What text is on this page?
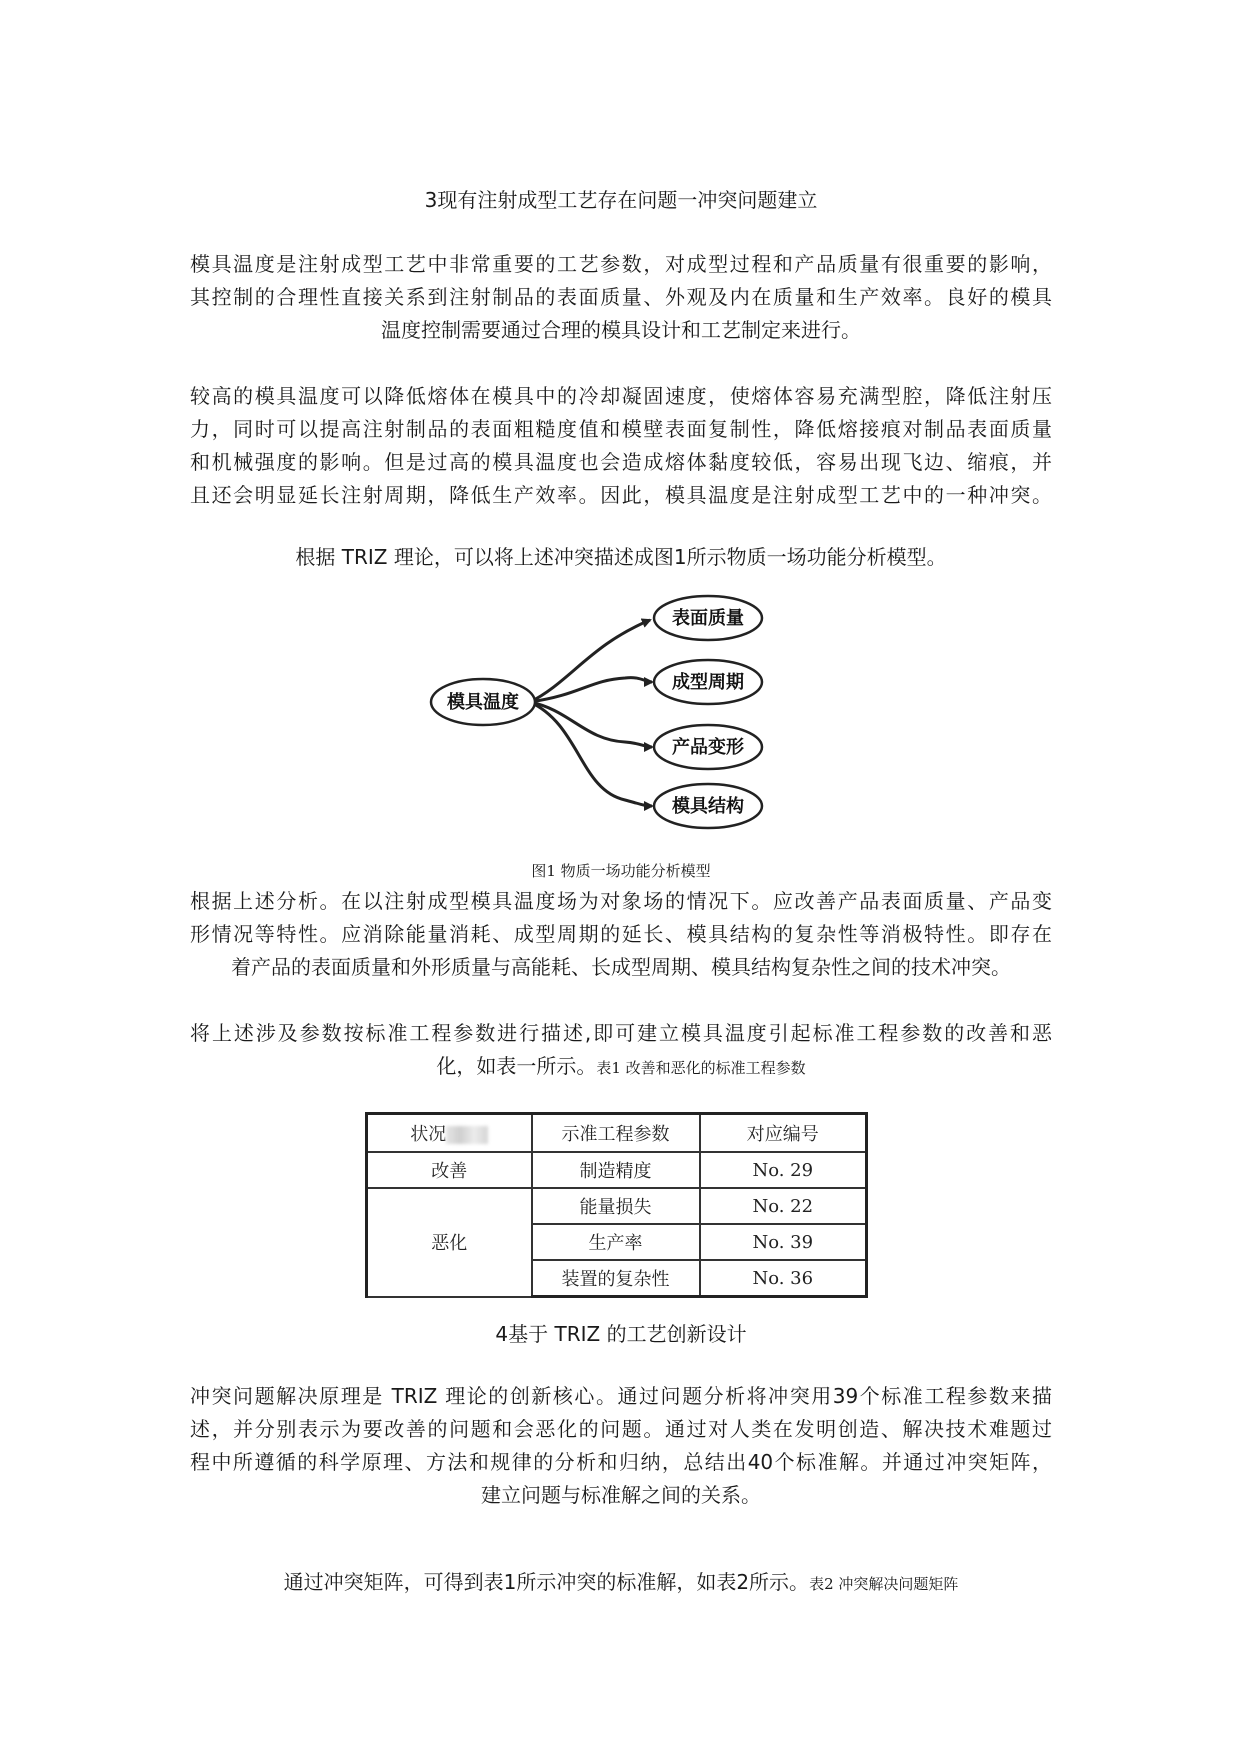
3现有注射成型工艺存在问题一冲突问题建立
模具温度是注射成型工艺中非常重要的工艺参数，对成型过程和产品质量有很重要的影响，
其控制的合理性直接关系到注射制品的表面质量、外观及内在质量和生产效率。良好的模具
温度控制需要通过合理的模具设计和工艺制定来进行。
较高的模具温度可以降低熔体在模具中的冷却凝固速度，使熔体容易充满型腔，降低注射压
力，同时可以提高注射制品的表面粗糙度值和模壁表面复制性，降低熔接痕对制品表面质量
和机械强度的影响。但是过高的模具温度也会造成熔体黏度较低，容易出现飞边、缩痕，并
且还会明显延长注射周期，降低生产效率。因此，模具温度是注射成型工艺中的一种冲突。
根据 TRIZ 理论，可以将上述冲突描述成图1所示物质一场功能分析模型。
模具温度
表面质量
成型周期
产品变形
模具结构
图1 物质一场功能分析模型
根据上述分析。在以注射成型模具温度场为对象场的情况下。应改善产品表面质量、产品变
形情况等特性。应消除能量消耗、成型周期的延长、模具结构的复杂性等消极特性。即存在
着产品的表面质量和外形质量与高能耗、长成型周期、模具结构复杂性之间的技术冲突。
将上述涉及参数按标准工程参数进行描述,即可建立模具温度引起标准工程参数的改善和恶
化，如表一所示。表1 改善和恶化的标准工程参数
状况	示准工程参数	对应编号
改善	制造精度	No. 29
恶化	能量损失	No. 22
	生产率	No. 39
	装置的复杂性	No. 36
4基于 TRIZ 的工艺创新设计
冲突问题解决原理是 TRIZ 理论的创新核心。通过问题分析将冲突用39个标准工程参数来描
述，并分别表示为要改善的问题和会恶化的问题。通过对人类在发明创造、解决技术难题过
程中所遵循的科学原理、方法和规律的分析和归纳，总结出40个标准解。并通过冲突矩阵，
建立问题与标准解之间的关系。
通过冲突矩阵，可得到表1所示冲突的标准解，如表2所示。表2 冲突解决问题矩阵
